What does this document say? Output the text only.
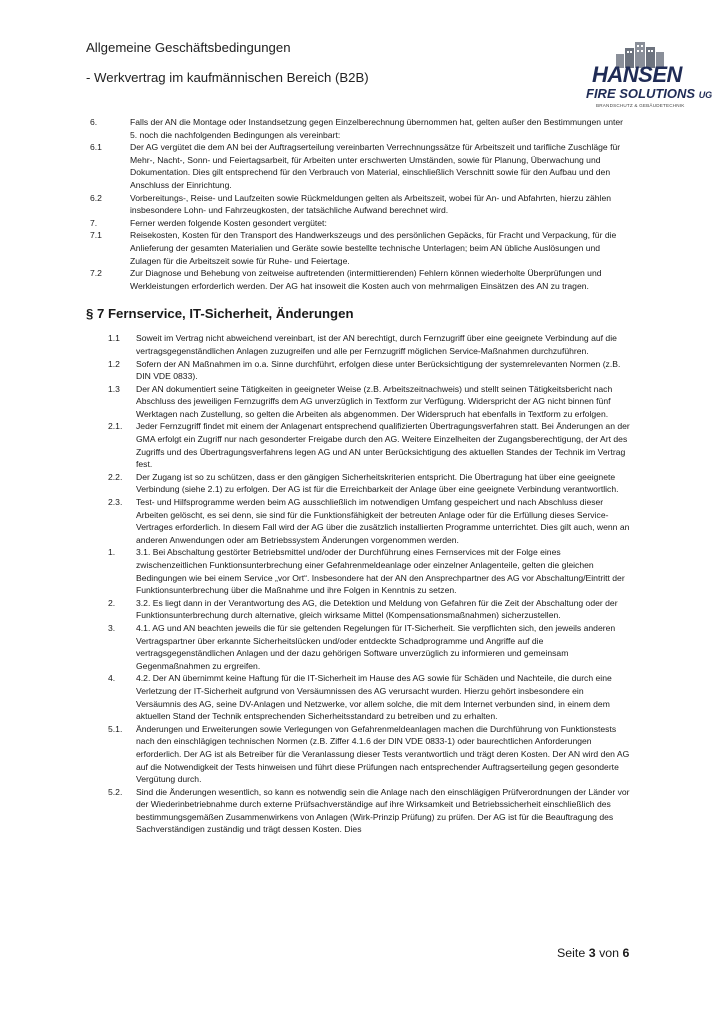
Allgemeine Geschäftsbedingungen
- Werkvertrag im kaufmännischen Bereich (B2B)	HANSEN
FIRE SOLUTIONS UG
BRANDSCHUTZ & GEBÄUDETECHNIK
6.	Falls der AN die Montage oder Instandsetzung gegen Einzelberechnung übernommen hat, gelten außer den Bestimmungen unter 5. noch die nachfolgenden Bedingungen als vereinbart:
6.1	Der AG vergütet die dem AN bei der Auftragserteilung vereinbarten Verrechnungssätze für Arbeitszeit und tarifliche Zuschläge für Mehr-, Nacht-, Sonn- und Feiertagsarbeit, für Arbeiten unter erschwerten Umständen, sowie für Planung, Überwachung und Dokumentation. Dies gilt entsprechend für den Verbrauch von Material, einschließlich Verschnitt sowie für den Aufbau und den Anschluss der Einrichtung.
6.2	Vorbereitungs-, Reise- und Laufzeiten sowie Rückmeldungen gelten als Arbeitszeit, wobei für An- und Abfahrten, hierzu zählen insbesondere Lohn- und Fahrzeugkosten, der tatsächliche Aufwand berechnet wird.
7.	Ferner werden folgende Kosten gesondert vergütet:
7.1	Reisekosten, Kosten für den Transport des Handwerkszeugs und des persönlichen Gepäcks, für Fracht und Verpackung, für die Anlieferung der gesamten Materialien und Geräte sowie bestellte technische Unterlagen; beim AN übliche Auslösungen und Zulagen für die Arbeitszeit sowie für Ruhe- und Feiertage.
7.2	Zur Diagnose und Behebung von zeitweise auftretenden (intermittierenden) Fehlern können wiederholte Überprüfungen und Werkleistungen erforderlich werden. Der AG hat insoweit die Kosten auch von mehrmaligen Einsätzen des AN zu tragen.
§ 7 Fernservice, IT-Sicherheit, Änderungen
1.1	Soweit im Vertrag nicht abweichend vereinbart, ist der AN berechtigt, durch Fernzugriff über eine geeignete Verbindung auf die vertragsgegenständlichen Anlagen zuzugreifen und alle per Fernzugriff möglichen Service-Maßnahmen durchzuführen.
1.2	Sofern der AN Maßnahmen im o.a. Sinne durchführt, erfolgen diese unter Berücksichtigung der systemrelevanten Normen (z.B. DIN VDE 0833).
1.3	Der AN dokumentiert seine Tätigkeiten in geeigneter Weise (z.B. Arbeitszeitnachweis) und stellt seinen Tätigkeitsbericht nach Abschluss des jeweiligen Fernzugriffs dem AG unverzüglich in Textform zur Verfügung. Widerspricht der AG nicht binnen fünf Werktagen nach Zustellung, so gelten die Arbeiten als abgenommen. Der Widerspruch hat ebenfalls in Textform zu erfolgen.
2.1.	Jeder Fernzugriff findet mit einem der Anlagenart entsprechend qualifizierten Übertragungsverfahren statt. Bei Änderungen an der GMA erfolgt ein Zugriff nur nach gesonderter Freigabe durch den AG. Weitere Einzelheiten der Zugangsberechtigung, der Art des Zugriffs und des Übertragungsverfahrens legen AG und AN unter Berücksichtigung des aktuellen Standes der Technik im Vertrag fest.
2.2.	Der Zugang ist so zu schützen, dass er den gängigen Sicherheitskriterien entspricht. Die Übertragung hat über eine geeignete Verbindung (siehe 2.1) zu erfolgen. Der AG ist für die Erreichbarkeit der Anlage über eine geeignete Verbindung verantwortlich.
2.3.	Test- und Hilfsprogramme werden beim AG ausschließlich im notwendigen Umfang gespeichert und nach Abschluss dieser Arbeiten gelöscht, es sei denn, sie sind für die Funktionsfähigkeit der betreuten Anlage oder für die Erfüllung dieses Service-Vertrages erforderlich. In diesem Fall wird der AG über die zusätzlich installierten Programme unterrichtet. Dies gilt auch, wenn an anderen Anwendungen oder am Betriebssystem Änderungen vorgenommen werden.
1.	3.1. Bei Abschaltung gestörter Betriebsmittel und/oder der Durchführung eines Fernservices mit der Folge eines zwischenzeitlichen Funktionsunterbrechung einer Gefahrenmeldeanlage oder einzelner Anlagenteile, gelten die gleichen Bedingungen wie bei einem Service „vor Ort“. Insbesondere hat der AN den Ansprechpartner des AG vor Abschaltung/Eintritt der Funktionsunterbrechung über die Maßnahme und ihre Folgen in Kenntnis zu setzen.
2.	3.2. Es liegt dann in der Verantwortung des AG, die Detektion und Meldung von Gefahren für die Zeit der Abschaltung oder der Funktionsunterbrechung durch alternative, gleich wirksame Mittel (Kompensationsmaßnahmen) sicherzustellen.
3.	4.1. AG und AN beachten jeweils die für sie geltenden Regelungen für IT-Sicherheit. Sie verpflichten sich, den jeweils anderen Vertragspartner über erkannte Sicherheitslücken und/oder entdeckte Schadprogramme und Angriffe auf die vertragsgegenständlichen Anlagen und der dazu gehörigen Software unverzüglich zu informieren und gemeinsam Gegenmaßnahmen zu ergreifen.
4.	4.2. Der AN übernimmt keine Haftung für die IT-Sicherheit im Hause des AG sowie für Schäden und Nachteile, die durch eine Verletzung der IT-Sicherheit aufgrund von Versäumnissen des AG verursacht wurden. Hierzu gehört insbesondere ein Versäumnis des AG, seine DV-Anlagen und Netzwerke, vor allem solche, die mit dem Internet verbunden sind, in einem dem aktuellen Stand der Technik entsprechenden Sicherheitsstandard zu betreiben und zu erhalten.
5.1.	Änderungen und Erweiterungen sowie Verlegungen von Gefahrenmeldeanlagen machen die Durchführung von Funktionstests nach den einschlägigen technischen Normen (z.B. Ziffer 4.1.6 der DIN VDE 0833-1) oder baurechtlichen Anforderungen erforderlich. Der AG ist als Betreiber für die Veranlassung dieser Tests verantwortlich und trägt deren Kosten. Der AN wird den AG auf die Notwendigkeit der Tests hinweisen und führt diese Prüfungen nach entsprechender Auftragserteilung gegen gesonderte Vergütung durch.
5.2.	Sind die Änderungen wesentlich, so kann es notwendig sein die Anlage nach den einschlägigen Prüfverordnungen der Länder vor der Wiederinbetriebnahme durch externe Prüfsachverständige auf ihre Wirksamkeit und Betriebssicherheit einschließlich des bestimmungsgemäßen Zusammenwirkens von Anlagen (Wirk-Prinzip Prüfung) zu prüfen. Der AG ist für die Beauftragung des Sachverständigen zuständig und trägt dessen Kosten. Dies
Seite 3 von 6
